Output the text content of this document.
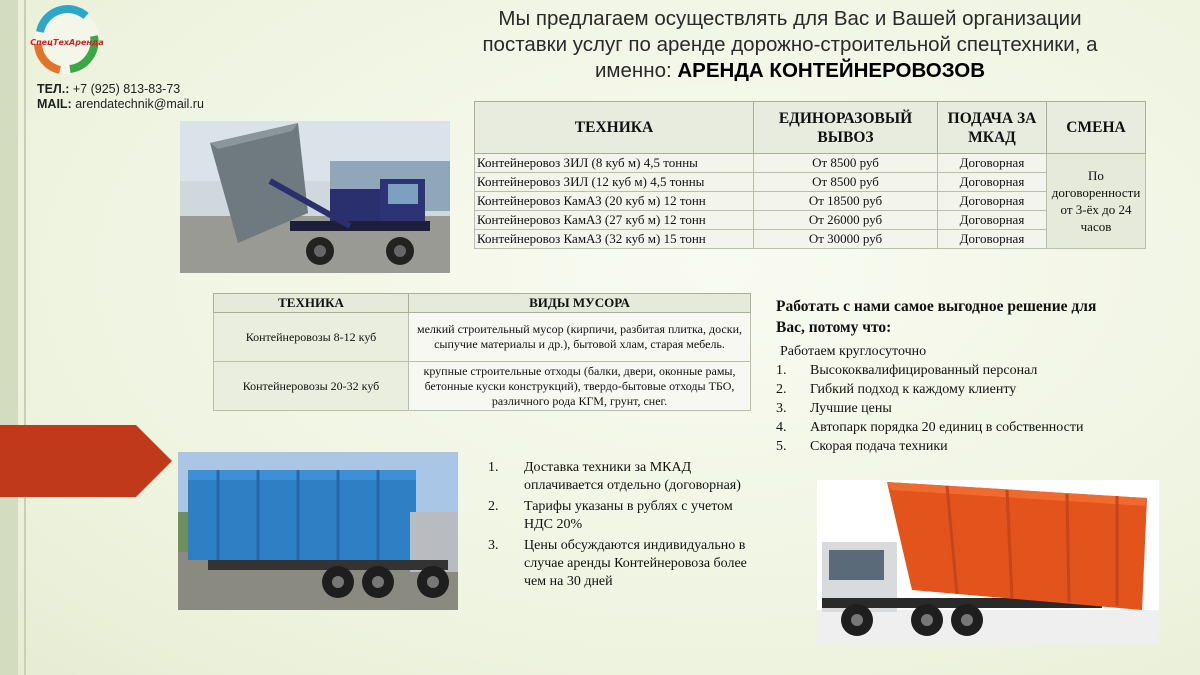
СпецТехАренда
ТЕЛ.: +7 (925) 813-83-73
MAIL: arendatechnik@mail.ru
Мы предлагаем осуществлять для Вас и Вашей организации
поставки услуг по аренде дорожно-строительной спецтехники, а
именно: АРЕНДА КОНТЕЙНЕРОВОЗОВ
ТЕХНИКА	ЕДИНОРАЗОВЫЙ ВЫВОЗ	ПОДАЧА ЗА МКАД	СМЕНА
Контейнеровоз ЗИЛ (8 куб м) 4,5 тонны	От 8500 руб	Договорная	По договоренности от 3-ёх до 24 часов
Контейнеровоз ЗИЛ (12 куб м) 4,5 тонны	От 8500 руб	Договорная	
Контейнеровоз КамАЗ (20 куб м) 12 тонн	От 18500 руб	Договорная	
Контейнеровоз КамАЗ (27 куб м) 12 тонн	От 26000 руб	Договорная	
Контейнеровоз КамАЗ (32 куб м) 15 тонн	От 30000 руб	Договорная	
ТЕХНИКА	ВИДЫ МУСОРА
Контейнеровозы 8-12 куб	мелкий строительный мусор (кирпичи, разбитая плитка, доски, сыпучие материалы и др.), бытовой хлам, старая мебель.
Контейнеровозы 20-32 куб	крупные строительные отходы (балки, двери, оконные рамы, бетонные куски конструкций), твердо-бытовые отходы ТБО, различного рода КГМ, грунт, снег.
Работать с нами самое выгодное решение для Вас, потому что:
Работаем круглосуточно
1.	Высококвалифицированный персонал
2.	Гибкий подход к каждому клиенту
3.	Лучшие цены
4.	Автопарк порядка 20 единиц в собственности
5.	Скорая подача техники
1.	Доставка техники за МКАД оплачивается отдельно (договорная)
2.	Тарифы указаны в рублях с учетом НДС 20%
3.	Цены обсуждаются индивидуально в случае аренды Контейнеровоза более чем на 30 дней
